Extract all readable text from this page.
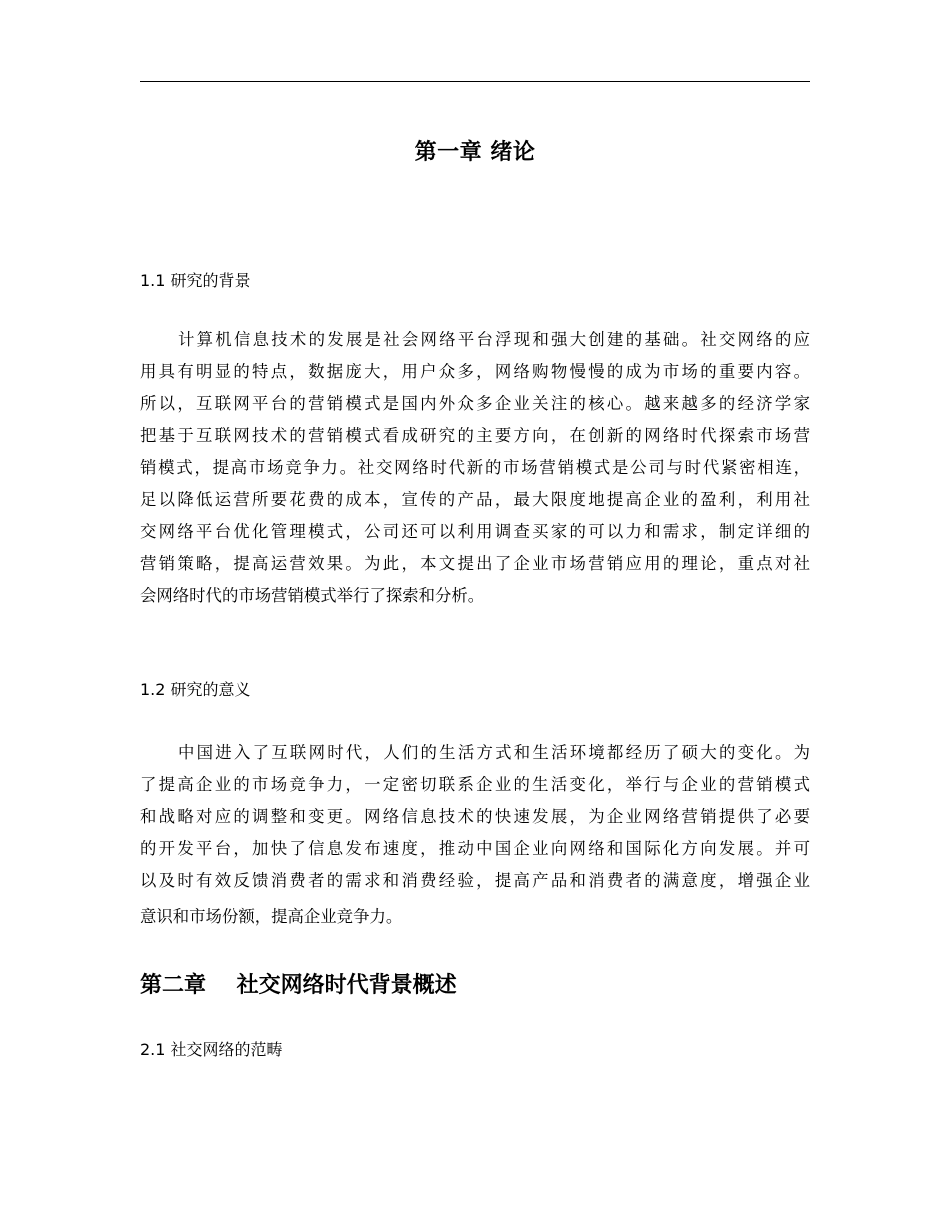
第一章 绪论
1.1 研究的背景
计算机信息技术的发展是社会网络平台浮现和强大创建的基础。社交网络的应
用具有明显的特点，数据庞大，用户众多，网络购物慢慢的成为市场的重要内容。
所以，互联网平台的营销模式是国内外众多企业关注的核心。越来越多的经济学家
把基于互联网技术的营销模式看成研究的主要方向，在创新的网络时代探索市场营
销模式，提高市场竞争力。社交网络时代新的市场营销模式是公司与时代紧密相连，
足以降低运营所要花费的成本，宣传的产品，最大限度地提高企业的盈利，利用社
交网络平台优化管理模式，公司还可以利用调查买家的可以力和需求，制定详细的
营销策略，提高运营效果。为此，本文提出了企业市场营销应用的理论，重点对社
会网络时代的市场营销模式举行了探索和分析。
1.2 研究的意义
中国进入了互联网时代，人们的生活方式和生活环境都经历了硕大的变化。为
了提高企业的市场竞争力，一定密切联系企业的生活变化，举行与企业的营销模式
和战略对应的调整和变更。网络信息技术的快速发展，为企业网络营销提供了必要
的开发平台，加快了信息发布速度，推动中国企业向网络和国际化方向发展。并可
以及时有效反馈消费者的需求和消费经验，提高产品和消费者的满意度，增强企业
意识和市场份额，提高企业竞争力。
第二章    社交网络时代背景概述
2.1 社交网络的范畴
